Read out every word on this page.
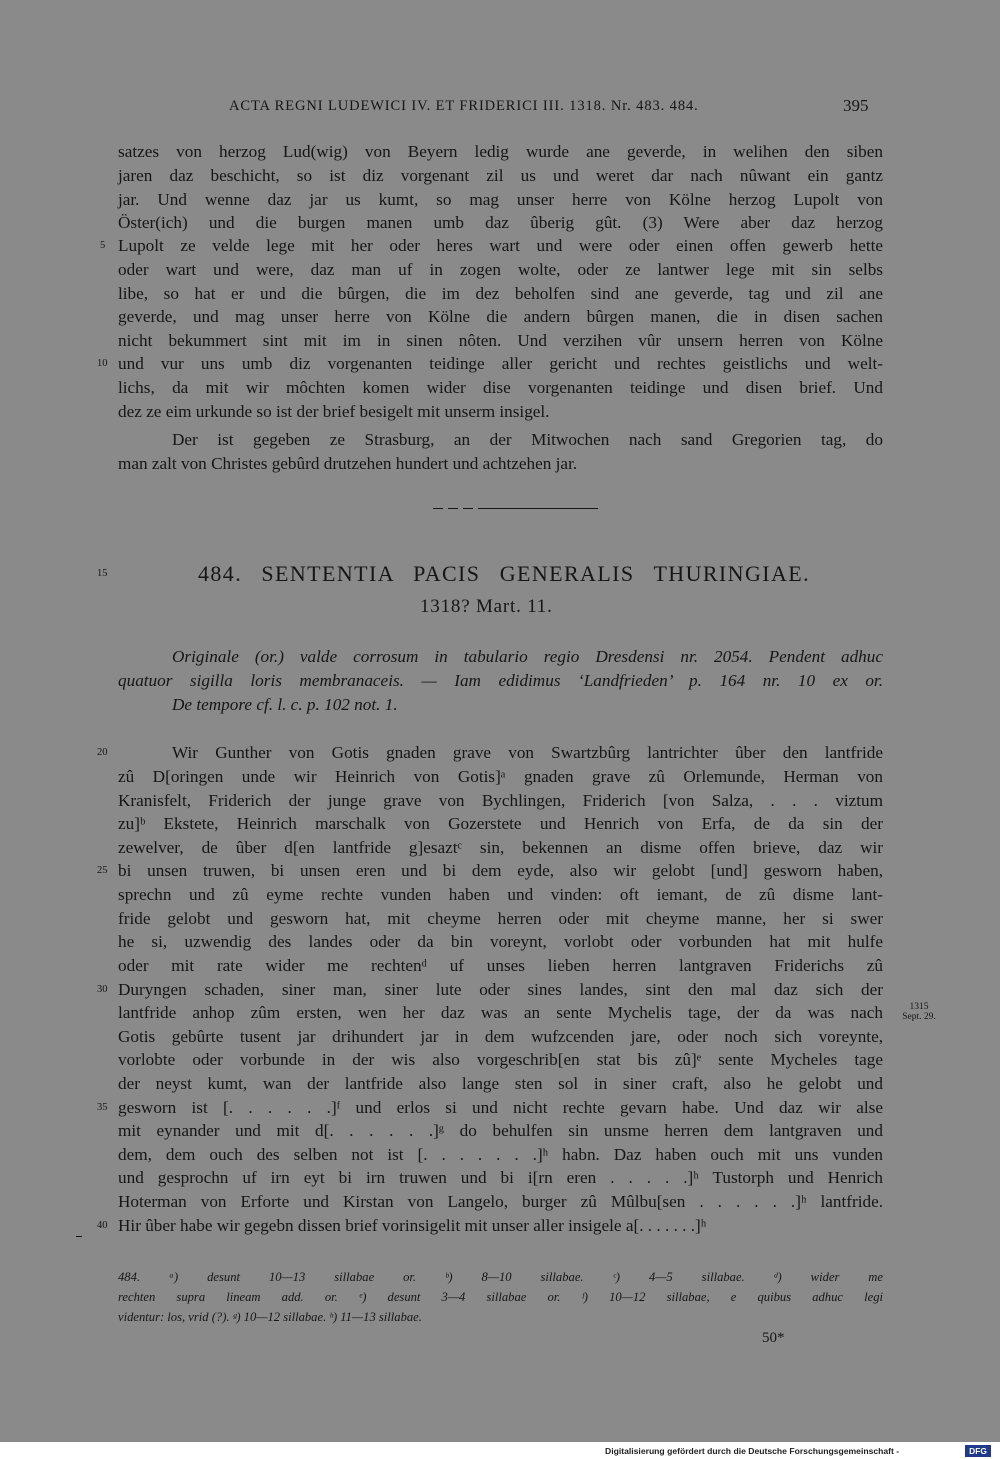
ACTA REGNI LUDEWICI IV. ET FRIDERICI III. 1318. Nr. 483. 484.	395
satzes von herzog Lud(wig) von Beyern ledig wurde ane geverde, in welihen den siben
jaren daz beschicht, so ist diz vorgenant zil us und weret dar nach nûwant ein gantz
jar. Und wenne daz jar us kumt, so mag unser herre von Kölne herzog Lupolt von
Öster(ich) und die burgen manen umb daz ûberig gût. (3) Were aber daz herzog
Lupolt ze velde lege mit her oder heres wart und were oder einen offen gewerb hette
oder wart und were, daz man uf in zogen wolte, oder ze lantwer lege mit sin selbs
libe, so hat er und die bûrgen, die im dez beholfen sind ane geverde, tag und zil ane
geverde, und mag unser herre von Kölne die andern bûrgen manen, die in disen sachen
nicht bekummert sint mit im in sinen nôten. Und verzihen vûr unsern herren von Kölne
und vur uns umb diz vorgenanten teidinge aller gericht und rechtes geistlichs und welt-
lichs, da mit wir môchten komen wider dise vorgenanten teidinge und disen brief. Und
dez ze eim urkunde so ist der brief besigelt mit unserm insigel.
Der ist gegeben ze Strasburg, an der Mitwochen nach sand Gregorien tag, do
man zalt von Christes gebûrd drutzehen hundert und achtzehen jar.
5
10
15	484. SENTENTIA PACIS GENERALIS THURINGIAE.
1318? Mart. 11.
Originale (or.) valde corrosum in tabulario regio Dresdensi nr. 2054. Pendent adhuc
quatuor sigilla loris membranaceis. — Iam edidimus ‘Landfrieden’ p. 164 nr. 10 ex or.
De tempore cf. l. c. p. 102 not. 1.
20	Wir Gunther von Gotis gnaden grave von Swartzbûrg lantrichter ûber den lantfride
zû D[oringen unde wir Heinrich von Gotis]ᵃ gnaden grave zû Orlemunde, Herman von
Kranisfelt, Friderich der junge grave von Bychlingen, Friderich [von Salza, . . . viztum
zu]ᵇ Ekstete, Heinrich marschalk von Gozerstete und Henrich von Erfa, de da sin der
zewelver, de ûber d[en lantfride g]esaztᶜ sin, bekennen an disme offen brieve, daz wir
25 bi unsen truwen, bi unsen eren und bi dem eyde, also wir gelobt [und] gesworn haben,
sprechn und zû eyme rechte vunden haben und vinden: oft iemant, de zû disme lant-
fride gelobt und gesworn hat, mit cheyme herren oder mit cheyme manne, her si swer
he si, uzwendig des landes oder da bin voreynt, vorlobt oder vorbunden hat mit hulfe
oder mit rate wider me rechtenᵈ uf unses lieben herren lantgraven Friderichs zû
30 Duryngen schaden, siner man, siner lute oder sines landes, sint den mal daz sich der
lantfride anhop zûm ersten, wen her daz was an sente Mychelis tage, der da was nach
Gotis gebûrte tusent jar drihundert jar in dem wufzcenden jare, oder noch sich voreynte,
vorlobte oder vorbunde in der wis also vorgeschrib[en stat bis zû]ᵉ sente Mycheles tage
der neyst kumt, wan der lantfride also lange sten sol in siner craft, also he gelobt und
35 gesworn ist [. . . . . .]ᶠ und erlos si und nicht rechte gevarn habe. Und daz wir alse
mit eynander und mit d[. . . . . .]ᵍ do behulfen sin unsme herren dem lantgraven und
dem, dem ouch des selben not ist [. . . . . . .]ʰ habn. Daz haben ouch mit uns vunden
und gesprochn uf irn eyt bi irn truwen und bi i[rn eren . . . . .]ʰ Tustorph und Henrich
Hoterman von Erforte und Kirstan von Langelo, burger zû Mûlbu[sen . . . . . .]ʰ lantfride.
40 Hir ûber habe wir gegebn dissen brief vorinsigelit mit unser aller insigele a[. . . . . . .]ʰ
1315
Sept. 29.
484. ᵃ) desunt 10—13 sillabae or. ᵇ) 8—10 sillabae. ᶜ) 4—5 sillabae. ᵈ) wider me
rechten supra lineam add. or. ᵉ) desunt 3—4 sillabae or. ᶠ) 10—12 sillabae, e quibus adhuc legi
videntur: los, vrid (?). ᵍ) 10—12 sillabae. ʰ) 11—13 sillabae.
50*
Digitalisierung gefördert durch die Deutsche Forschungsgemeinschaft -	DFG
